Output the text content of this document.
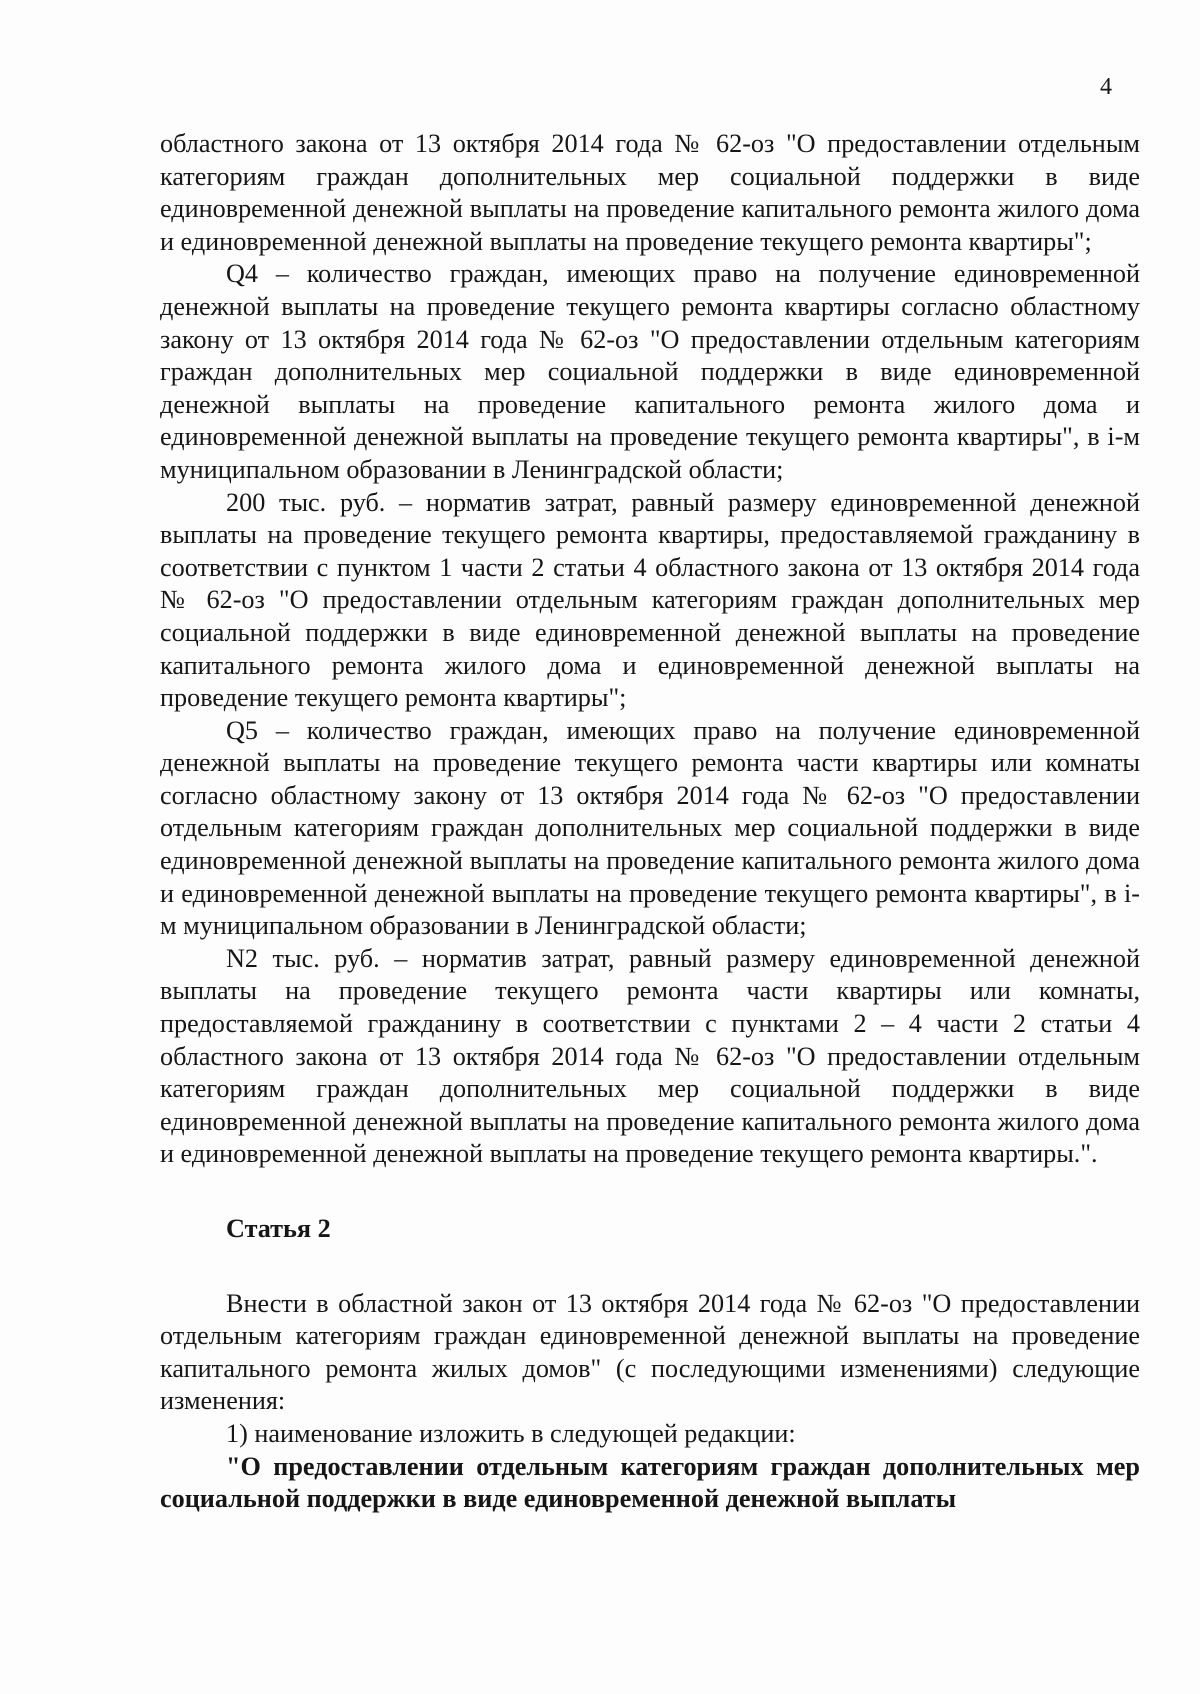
4

областного закона от 13 октября 2014 года № 62-оз "О предоставлении отдельным категориям граждан дополнительных мер социальной поддержки в виде единовременной денежной выплаты на проведение капитального ремонта жилого дома и единовременной денежной выплаты на проведение текущего ремонта квартиры";

Q4 – количество граждан, имеющих право на получение единовременной денежной выплаты на проведение текущего ремонта квартиры согласно областному закону от 13 октября 2014 года № 62-оз "О предоставлении отдельным категориям граждан дополнительных мер социальной поддержки в виде единовременной денежной выплаты на проведение капитального ремонта жилого дома и единовременной денежной выплаты на проведение текущего ремонта квартиры", в i-м муниципальном образовании в Ленинградской области;

200 тыс. руб. – норматив затрат, равный размеру единовременной денежной выплаты на проведение текущего ремонта квартиры, предоставляемой гражданину в соответствии с пунктом 1 части 2 статьи 4 областного закона от 13 октября 2014 года № 62-оз "О предоставлении отдельным категориям граждан дополнительных мер социальной поддержки в виде единовременной денежной выплаты на проведение капитального ремонта жилого дома и единовременной денежной выплаты на проведение текущего ремонта квартиры";

Q5 – количество граждан, имеющих право на получение единовременной денежной выплаты на проведение текущего ремонта части квартиры или комнаты согласно областному закону от 13 октября 2014 года № 62-оз "О предоставлении отдельным категориям граждан дополнительных мер социальной поддержки в виде единовременной денежной выплаты на проведение капитального ремонта жилого дома и единовременной денежной выплаты на проведение текущего ремонта квартиры", в i-м муниципальном образовании в Ленинградской области;

N2 тыс. руб. – норматив затрат, равный размеру единовременной денежной выплаты на проведение текущего ремонта части квартиры или комнаты, предоставляемой гражданину в соответствии с пунктами 2 – 4 части 2 статьи 4 областного закона от 13 октября 2014 года № 62-оз "О предоставлении отдельным категориям граждан дополнительных мер социальной поддержки в виде единовременной денежной выплаты на проведение капитального ремонта жилого дома и единовременной денежной выплаты на проведение текущего ремонта квартиры.".

Статья 2

Внести в областной закон от 13 октября 2014 года № 62-оз "О предоставлении отдельным категориям граждан единовременной денежной выплаты на проведение капитального ремонта жилых домов" (с последующими изменениями) следующие изменения:

1) наименование изложить в следующей редакции:

"О предоставлении отдельным категориям граждан дополнительных мер социальной поддержки в виде единовременной денежной выплаты
